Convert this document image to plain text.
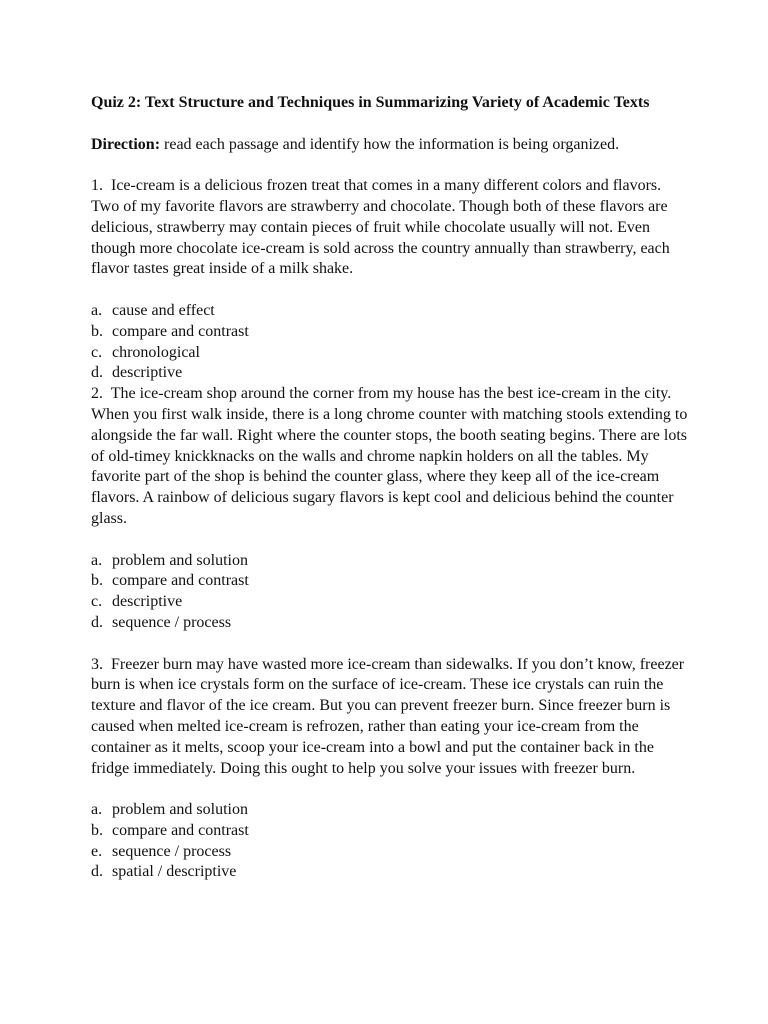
Quiz 2: Text Structure and Techniques in Summarizing Variety of Academic Texts

Direction: read each passage and identify how the information is being organized.

1. Ice-cream is a delicious frozen treat that comes in a many different colors and flavors. Two of my favorite flavors are strawberry and chocolate. Though both of these flavors are delicious, strawberry may contain pieces of fruit while chocolate usually will not. Even though more chocolate ice-cream is sold across the country annually than strawberry, each flavor tastes great inside of a milk shake.

a. cause and effect
b. compare and contrast
c. chronological
d. descriptive

2. The ice-cream shop around the corner from my house has the best ice-cream in the city. When you first walk inside, there is a long chrome counter with matching stools extending to alongside the far wall. Right where the counter stops, the booth seating begins. There are lots of old-timey knickknacks on the walls and chrome napkin holders on all the tables. My favorite part of the shop is behind the counter glass, where they keep all of the ice-cream flavors. A rainbow of delicious sugary flavors is kept cool and delicious behind the counter glass.

a. problem and solution
b. compare and contrast
c. descriptive
d. sequence / process

3. Freezer burn may have wasted more ice-cream than sidewalks. If you don’t know, freezer burn is when ice crystals form on the surface of ice-cream. These ice crystals can ruin the texture and flavor of the ice cream. But you can prevent freezer burn. Since freezer burn is caused when melted ice-cream is refrozen, rather than eating your ice-cream from the container as it melts, scoop your ice-cream into a bowl and put the container back in the fridge immediately. Doing this ought to help you solve your issues with freezer burn.

a. problem and solution
b. compare and contrast
e. sequence / process
d. spatial / descriptive
